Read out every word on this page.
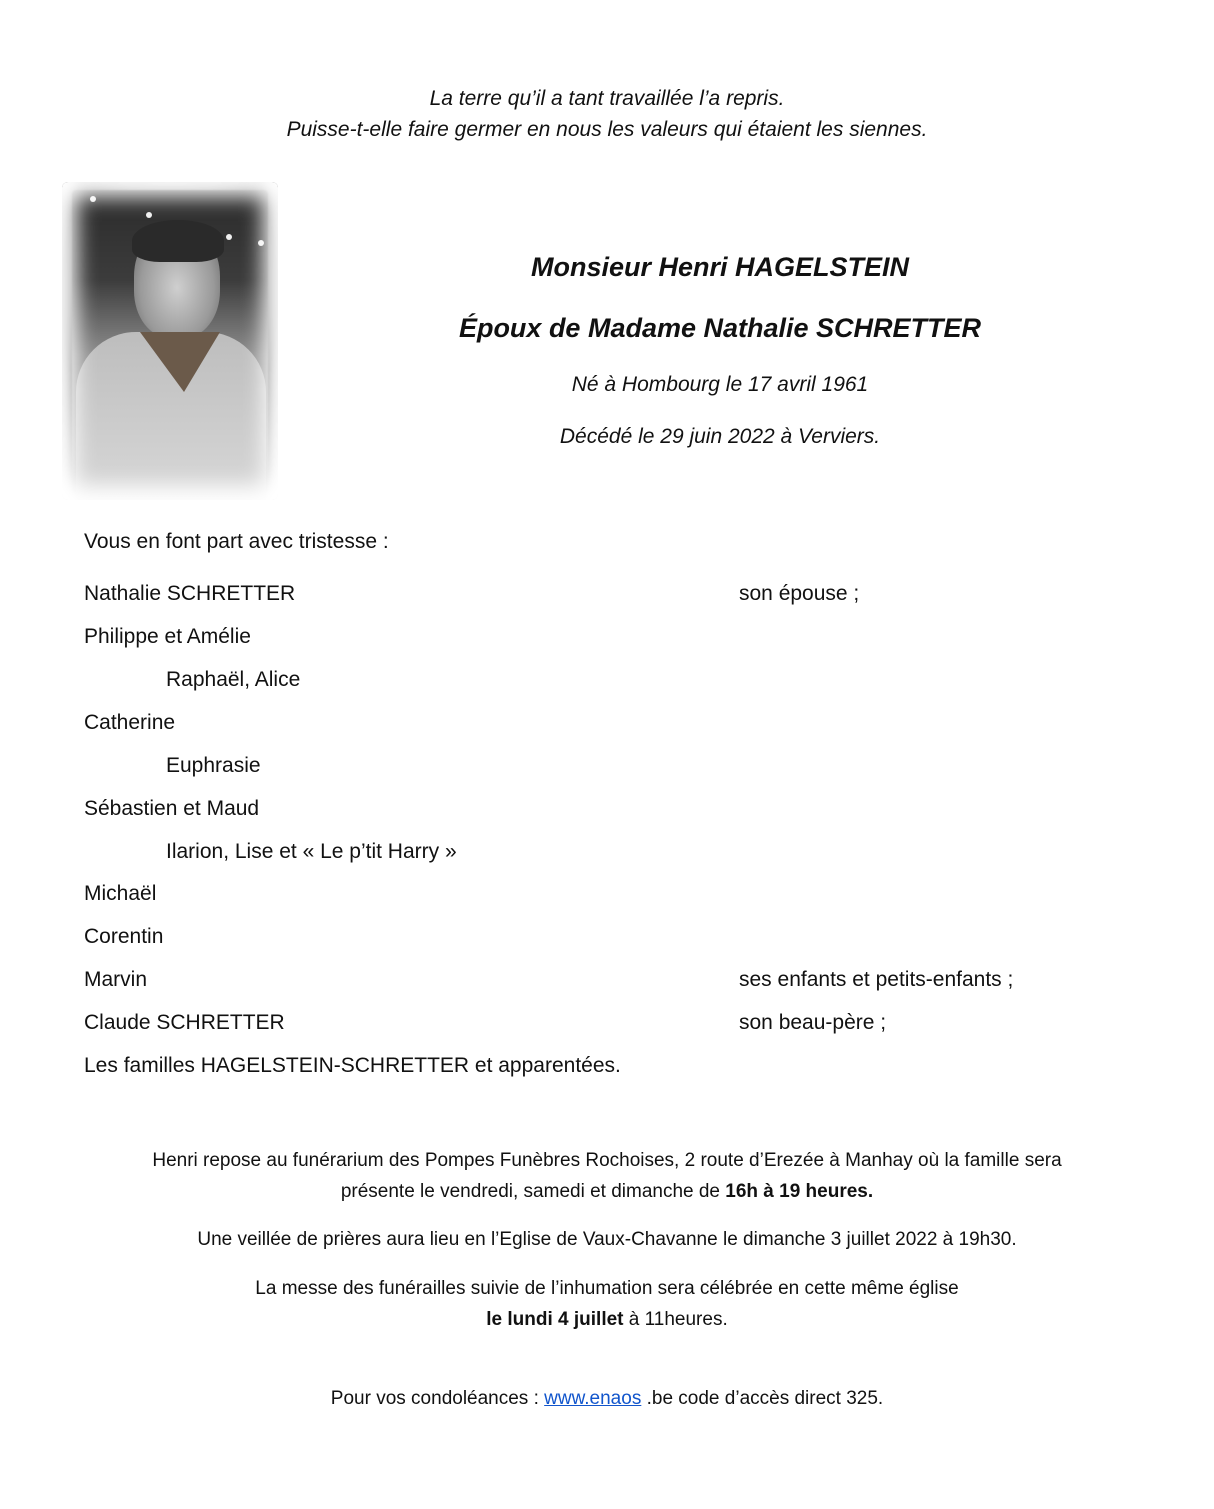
La terre qu’il a tant travaillée l’a repris.
Puisse-t-elle faire germer en nous les valeurs qui étaient les siennes.
Monsieur Henri HAGELSTEIN
Époux de Madame Nathalie SCHRETTER
Né à Hombourg le 17 avril 1961
Décédé le 29 juin 2022 à Verviers.
Vous en font part avec tristesse :
Nathalie SCHRETTER	son épouse ;
Philippe et Amélie
Raphaël, Alice
Catherine
Euphrasie
Sébastien et Maud
Ilarion, Lise et « Le p’tit Harry »
Michaël
Corentin
Marvin	ses enfants et petits-enfants ;
Claude SCHRETTER	son beau-père ;
Les familles HAGELSTEIN-SCHRETTER et apparentées.
Henri repose au funérarium des Pompes Funèbres Rochoises, 2 route d’Erezée à Manhay où la famille sera
présente le vendredi, samedi et dimanche de 16h à 19 heures.
Une veillée de prières aura lieu en l’Eglise de Vaux-Chavanne le dimanche 3 juillet 2022 à 19h30.
La messe des funérailles suivie de l’inhumation sera célébrée en cette même église
le lundi 4 juillet à 11heures.
Pour vos condoléances : www.enaos .be code d’accès direct 325.
